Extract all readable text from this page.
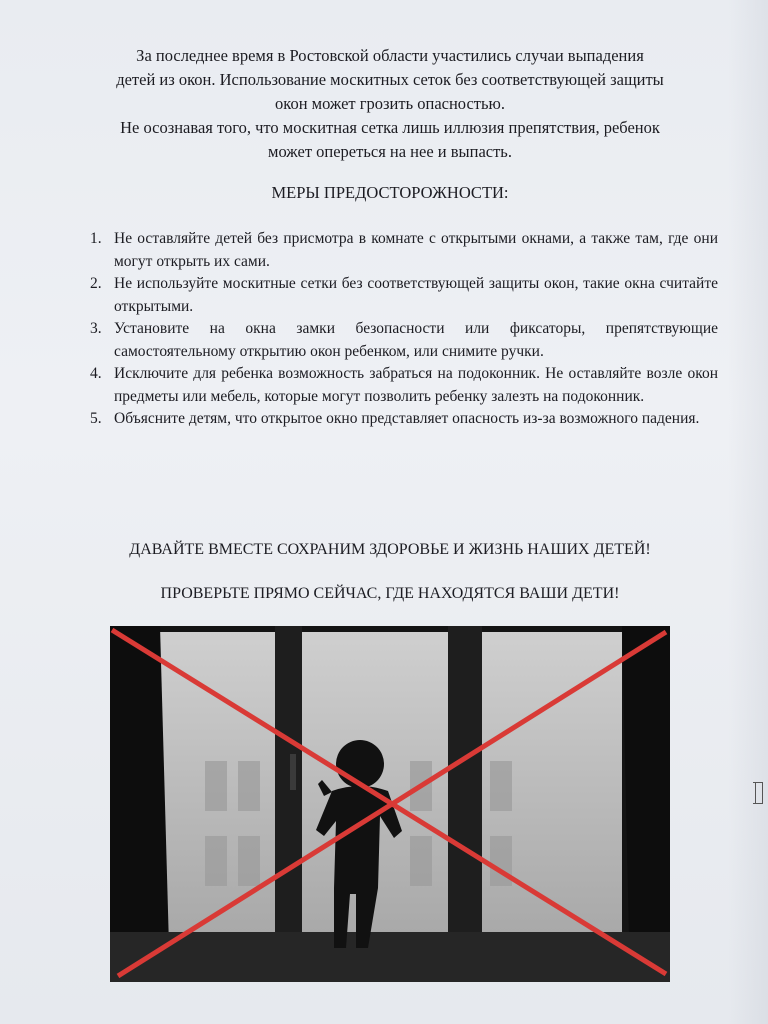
За последнее время в Ростовской области участились случаи выпадения

детей из окон. Использование москитных сеток без соответствующей защиты

окон может грозить опасностью.

Не осознавая того, что москитная сетка лишь иллюзия препятствия, ребенок

может опереться на нее и выпасть.

МЕРЫ ПРЕДОСТОРОЖНОСТИ:
1. Не оставляйте детей без присмотра в комнате с открытыми окнами, а также там, где они могут открыть их сами.
2. Не используйте москитные сетки без соответствующей защиты окон, такие окна считайте открытыми.
3. Установите на окна замки безопасности или фиксаторы, препятствующие самостоятельному открытию окон ребенком, или снимите ручки.
4. Исключите для ребенка возможность забраться на подоконник. Не оставляйте возле окон предметы или мебель, которые могут позволить ребенку залезть на подоконник.
5. Объясните детям, что открытое окно представляет опасность из-за возможного падения.
ДАВАЙТЕ ВМЕСТЕ СОХРАНИМ ЗДОРОВЬЕ И ЖИЗНЬ НАШИХ ДЕТЕЙ!
ПРОВЕРЬТЕ ПРЯМО СЕЙЧАС, ГДЕ НАХОДЯТСЯ ВАШИ ДЕТИ!
